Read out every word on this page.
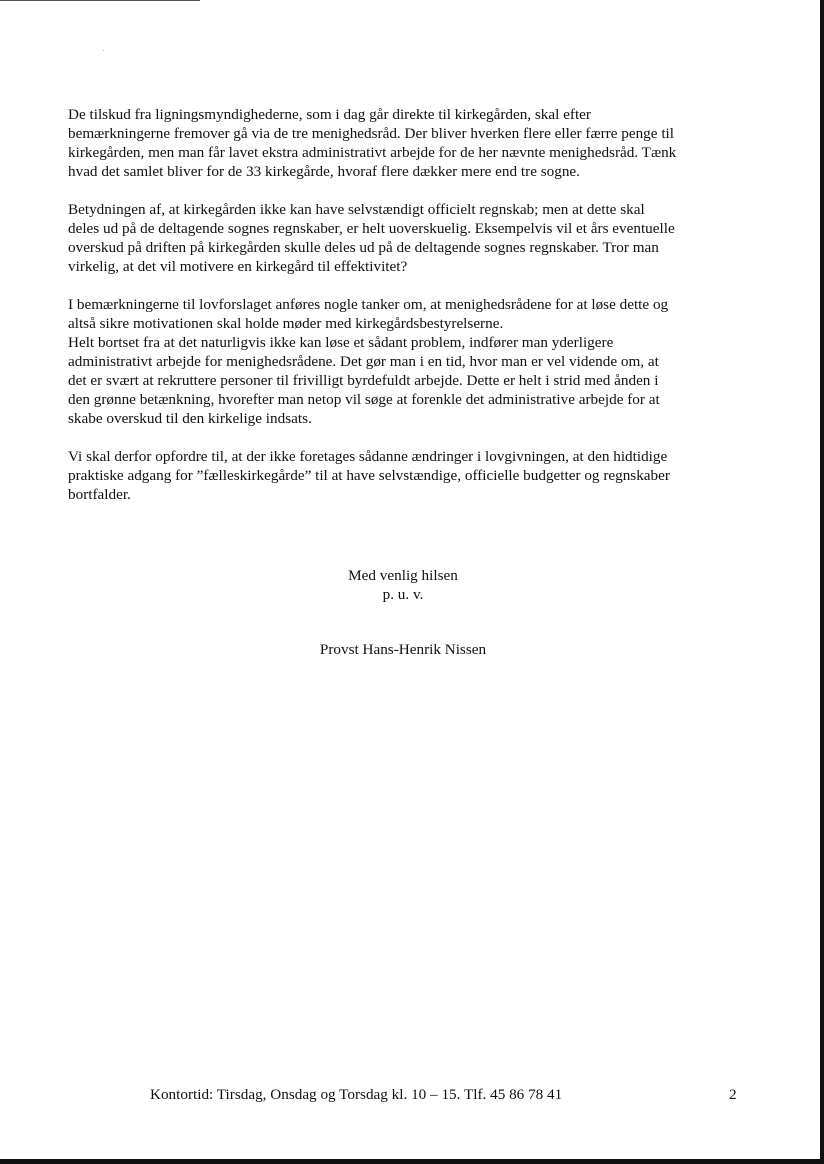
De tilskud fra ligningsmyndighederne, som i dag går direkte til kirkegården, skal efter
bemærkningerne fremover gå via de tre menighedsråd. Der bliver hverken flere eller færre penge til
kirkegården, men man får lavet ekstra administrativt arbejde for de her nævnte menighedsråd. Tænk
hvad det samlet bliver for de 33 kirkegårde, hvoraf flere dækker mere end tre sogne.

Betydningen af, at kirkegården ikke kan have selvstændigt officielt regnskab; men at dette skal
deles ud på de deltagende sognes regnskaber, er helt uoverskuelig. Eksempelvis vil et års eventuelle
overskud på driften på kirkegården skulle deles ud på de deltagende sognes regnskaber. Tror man
virkelig, at det vil motivere en kirkegård til effektivitet?

I bemærkningerne til lovforslaget anføres nogle tanker om, at menighedsrådene for at løse dette og
altså sikre motivationen skal holde møder med kirkegårdsbestyrelserne.

Helt bortset fra at det naturligvis ikke kan løse et sådant problem, indfører man yderligere
administrativt arbejde for menighedsrådene. Det gør man i en tid, hvor man er vel vidende om, at
det er svært at rekruttere personer til frivilligt byrdefuldt arbejde. Dette er helt i strid med ånden i
den grønne betænkning, hvorefter man netop vil søge at forenkle det administrative arbejde for at
skabe overskud til den kirkelige indsats.

Vi skal derfor opfordre til, at der ikke foretages sådanne ændringer i lovgivningen, at den hidtidige
praktiske adgang for ”fælleskirkegårde” til at have selvstændige, officielle budgetter og regnskaber
bortfalder.

Med venlig hilsen
p. u. v.
Provst Hans-Henrik Nissen
Kontortid: Tirsdag, Onsdag og Torsdag kl. 10 – 15. Tlf. 45 86 78 41	2
